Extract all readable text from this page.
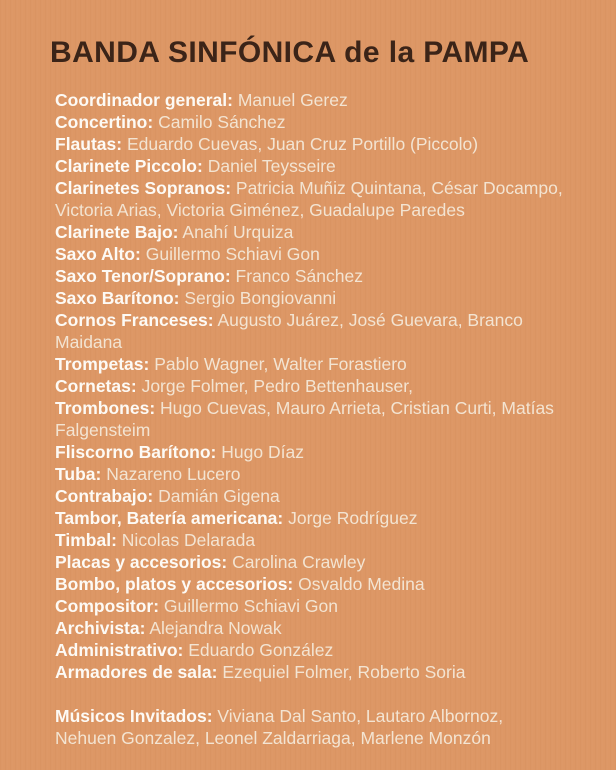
BANDA SINFÓNICA de la PAMPA

Coordinador general: Manuel Gerez

Concertino: Camilo Sánchez

Flautas: Eduardo Cuevas, Juan Cruz Portillo (Piccolo)

Clarinete Piccolo: Daniel Teysseire

Clarinetes Sopranos: Patricia Muñiz Quintana, César Docampo, Victoria Arias, Victoria Giménez, Guadalupe Paredes

Clarinete Bajo: Anahí Urquiza

Saxo Alto: Guillermo Schiavi Gon

Saxo Tenor/Soprano: Franco Sánchez

Saxo Barítono: Sergio Bongiovanni

Cornos Franceses: Augusto Juárez, José Guevara, Branco Maidana

Trompetas: Pablo Wagner, Walter Forastiero

Cornetas: Jorge Folmer, Pedro Bettenhauser,

Trombones: Hugo Cuevas, Mauro Arrieta, Cristian Curti, Matías Falgensteim

Fliscorno Barítono: Hugo Díaz

Tuba: Nazareno Lucero

Contrabajo: Damián Gigena

Tambor, Batería americana: Jorge Rodríguez

Timbal: Nicolas Delarada

Placas y accesorios: Carolina Crawley

Bombo, platos y accesorios: Osvaldo Medina

Compositor: Guillermo Schiavi Gon

Archivista: Alejandra Nowak

Administrativo: Eduardo González

Armadores de sala: Ezequiel Folmer, Roberto Soria

Músicos Invitados: Viviana Dal Santo, Lautaro Albornoz, Nehuen Gonzalez, Leonel Zaldarriaga, Marlene Monzón
